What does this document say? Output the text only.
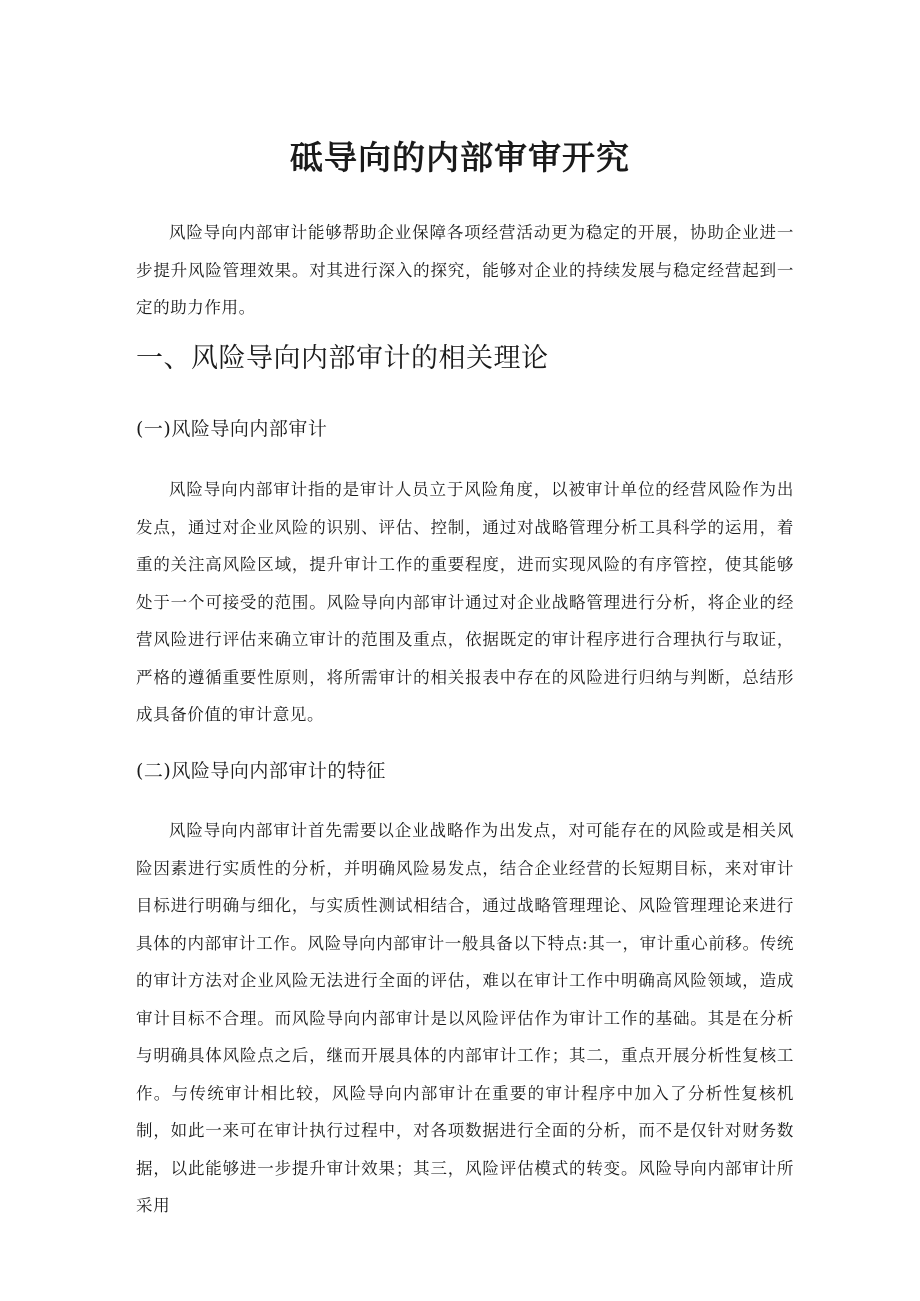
砥导向的内部审审开究

风险导向内部审计能够帮助企业保障各项经营活动更为稳定的开展，协助企业进一步提升风险管理效果。对其进行深入的探究，能够对企业的持续发展与稳定经营起到一定的助力作用。

一、风险导向内部审计的相关理论
(一)风险导向内部审计

风险导向内部审计指的是审计人员立于风险角度，以被审计单位的经营风险作为出发点，通过对企业风险的识别、评估、控制，通过对战略管理分析工具科学的运用，着重的关注高风险区域，提升审计工作的重要程度，进而实现风险的有序管控，使其能够处于一个可接受的范围。风险导向内部审计通过对企业战略管理进行分析，将企业的经营风险进行评估来确立审计的范围及重点，依据既定的审计程序进行合理执行与取证，严格的遵循重要性原则，将所需审计的相关报表中存在的风险进行归纳与判断，总结形成具备价值的审计意见。

(二)风险导向内部审计的特征

风险导向内部审计首先需要以企业战略作为出发点，对可能存在的风险或是相关风险因素进行实质性的分析，并明确风险易发点，结合企业经营的长短期目标，来对审计目标进行明确与细化，与实质性测试相结合，通过战略管理理论、风险管理理论来进行具体的内部审计工作。风险导向内部审计一般具备以下特点:其一，审计重心前移。传统的审计方法对企业风险无法进行全面的评估，难以在审计工作中明确高风险领域，造成审计目标不合理。而风险导向内部审计是以风险评估作为审计工作的基础。其是在分析与明确具体风险点之后，继而开展具体的内部审计工作；其二，重点开展分析性复核工作。与传统审计相比较，风险导向内部审计在重要的审计程序中加入了分析性复核机制，如此一来可在审计执行过程中，对各项数据进行全面的分析，而不是仅针对财务数据，以此能够进一步提升审计效果；其三，风险评估模式的转变。风险导向内部审计所采用
